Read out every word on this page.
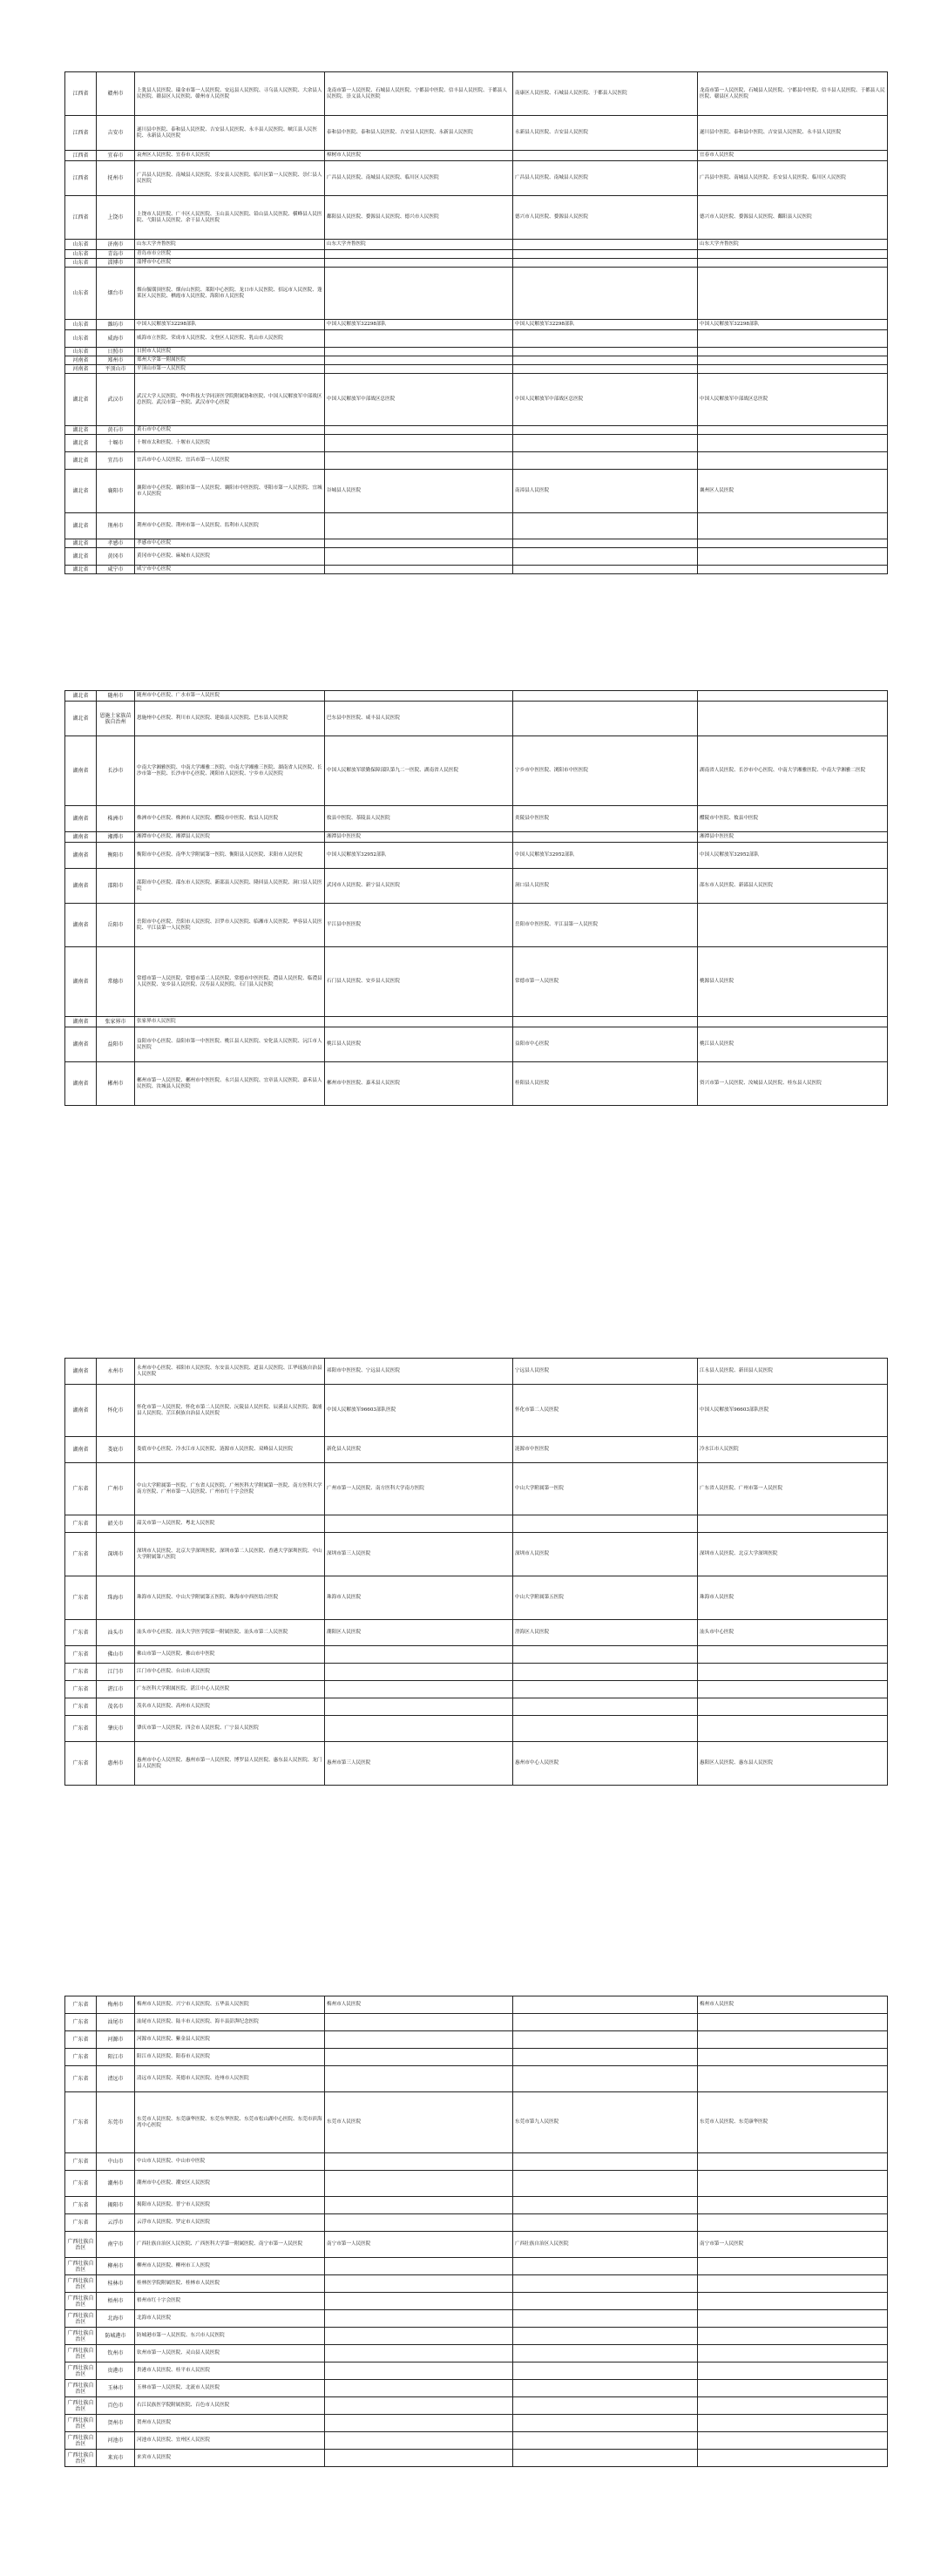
江西省	赣州市	上犹县人民医院、瑞金市第一人民医院、安远县人民医院、寻乌县人民医院、大余县人民医院、赣县区人民医院、赣州市人民医院	龙南市第一人民医院、石城县人民医院、宁都县中医院、信丰县人民医院、于都县人民医院、崇义县人民医院	南康区人民医院、石城县人民医院、于都县人民医院	龙南市第一人民医院、石城县人民医院、宁都县中医院、信丰县人民医院、于都县人民医院、赣县区人民医院
江西省	吉安市	遂川县中医院、泰和县人民医院、吉安县人民医院、永丰县人民医院、峡江县人民医院、永新县人民医院	泰和县中医院、泰和县人民医院、吉安县人民医院、永新县人民医院	永新县人民医院、吉安县人民医院	遂川县中医院、泰和县中医院、吉安县人民医院、永丰县人民医院
江西省	宜春市	袁州区人民医院、宜春市人民医院	樟树市人民医院		宜春市人民医院
江西省	抚州市	广昌县人民医院、南城县人民医院、乐安县人民医院、临川区第一人民医院、崇仁县人民医院	广昌县人民医院、南城县人民医院、临川区人民医院	广昌县人民医院、南城县人民医院	广昌县中医院、南城县人民医院、乐安县人民医院、临川区人民医院
江西省	上饶市	上饶市人民医院、广丰区人民医院、玉山县人民医院、铅山县人民医院、横峰县人民医院、弋阳县人民医院、余干县人民医院	鄱阳县人民医院、婺源县人民医院、德兴市人民医院	德兴市人民医院、婺源县人民医院	德兴市人民医院、婺源县人民医院、鄱阳县人民医院
山东省	济南市	山东大学齐鲁医院	山东大学齐鲁医院		山东大学齐鲁医院
山东省	青岛市	青岛市市立医院			
山东省	淄博市	淄博市中心医院			
山东省	烟台市	烟台毓璜顶医院、烟台山医院、莱阳中心医院、龙口市人民医院、招远市人民医院、蓬莱区人民医院、栖霞市人民医院、海阳市人民医院			
山东省	潍坊市	中国人民解放军32298部队	中国人民解放军32298部队	中国人民解放军32298部队	中国人民解放军32298部队
山东省	威海市	威海市立医院、荣成市人民医院、文登区人民医院、乳山市人民医院			
山东省	日照市	日照市人民医院			
河南省	郑州市	郑州大学第一附属医院			
河南省	平顶山市	平顶山市第一人民医院			
湖北省	武汉市	武汉大学人民医院、华中科技大学同济医学院附属协和医院、中国人民解放军中部战区总医院、武汉市第一医院、武汉市中心医院	中国人民解放军中部战区总医院	中国人民解放军中部战区总医院	中国人民解放军中部战区总医院
湖北省	黄石市	黄石市中心医院			
湖北省	十堰市	十堰市太和医院、十堰市人民医院			
湖北省	宜昌市	宜昌市中心人民医院、宜昌市第一人民医院			
湖北省	襄阳市	襄阳市中心医院、襄阳市第一人民医院、襄阳市中医医院、枣阳市第一人民医院、宜城市人民医院	谷城县人民医院	南漳县人民医院	襄州区人民医院
湖北省	荆州市	荆州市中心医院、荆州市第一人民医院、监利市人民医院			
湖北省	孝感市	孝感市中心医院			
湖北省	黄冈市	黄冈市中心医院、麻城市人民医院			
湖北省	咸宁市	咸宁市中心医院			
湖北省	随州市	随州市中心医院、广水市第一人民医院			
湖北省	恩施土家族苗族自治州	恩施州中心医院、利川市人民医院、建始县人民医院、巴东县人民医院	巴东县中医医院、咸丰县人民医院		
湖南省	长沙市	中南大学湘雅医院、中南大学湘雅二医院、中南大学湘雅三医院、湖南省人民医院、长沙市第一医院、长沙市中心医院、浏阳市人民医院、宁乡市人民医院	中国人民解放军联勤保障部队第九二一医院、湖南省人民医院	宁乡市中医医院、浏阳市中医医院	湖南省人民医院、长沙市中心医院、中南大学湘雅医院、中南大学湘雅二医院
湖南省	株洲市	株洲市中心医院、株洲市人民医院、醴陵市中医院、攸县人民医院	攸县中医院、茶陵县人民医院	炎陵县中医医院	醴陵市中医院、攸县中医院
湖南省	湘潭市	湘潭市中心医院、湘潭县人民医院	湘潭县中医医院		湘潭县中医医院
湖南省	衡阳市	衡阳市中心医院、南华大学附属第一医院、衡阳县人民医院、耒阳市人民医院	中国人民解放军32952部队	中国人民解放军32952部队	中国人民解放军32952部队
湖南省	邵阳市	邵阳市中心医院、邵东市人民医院、新邵县人民医院、隆回县人民医院、洞口县人民医院	武冈市人民医院、新宁县人民医院	洞口县人民医院	邵东市人民医院、新邵县人民医院
湖南省	岳阳市	岳阳市中心医院、岳阳市人民医院、汨罗市人民医院、临湘市人民医院、华容县人民医院、平江县第一人民医院	平江县中医医院	岳阳市中医医院、平江县第一人民医院	
湖南省	常德市	常德市第一人民医院、常德市第二人民医院、常德市中医医院、澧县人民医院、临澧县人民医院、安乡县人民医院、汉寿县人民医院、石门县人民医院	石门县人民医院、安乡县人民医院	常德市第一人民医院	桃源县人民医院
湖南省	张家界市	张家界市人民医院			
湖南省	益阳市	益阳市中心医院、益阳市第一中医医院、桃江县人民医院、安化县人民医院、沅江市人民医院	桃江县人民医院	益阳市中心医院	桃江县人民医院
湖南省	郴州市	郴州市第一人民医院、郴州市中医医院、永兴县人民医院、宜章县人民医院、嘉禾县人民医院、汝城县人民医院	郴州市中医医院、嘉禾县人民医院	桂阳县人民医院	资兴市第一人民医院、汝城县人民医院、桂东县人民医院
湖南省	永州市	永州市中心医院、祁阳市人民医院、东安县人民医院、道县人民医院、江华瑶族自治县人民医院	祁阳市中医医院、宁远县人民医院	宁远县人民医院	江永县人民医院、新田县人民医院
湖南省	怀化市	怀化市第一人民医院、怀化市第二人民医院、沅陵县人民医院、辰溪县人民医院、溆浦县人民医院、芷江侗族自治县人民医院	中国人民解放军96603部队医院	怀化市第二人民医院	中国人民解放军96603部队医院
湖南省	娄底市	娄底市中心医院、冷水江市人民医院、涟源市人民医院、双峰县人民医院	新化县人民医院	涟源市中医医院	冷水江市人民医院
广东省	广州市	中山大学附属第一医院、广东省人民医院、广州医科大学附属第一医院、南方医科大学南方医院、广州市第一人民医院、广州市红十字会医院	广州市第一人民医院、南方医科大学南方医院	中山大学附属第一医院	广东省人民医院、广州市第一人民医院
广东省	韶关市	韶关市第一人民医院、粤北人民医院			
广东省	深圳市	深圳市人民医院、北京大学深圳医院、深圳市第二人民医院、香港大学深圳医院、中山大学附属第八医院	深圳市第三人民医院	深圳市人民医院	深圳市人民医院、北京大学深圳医院
广东省	珠海市	珠海市人民医院、中山大学附属第五医院、珠海市中西医结合医院	珠海市人民医院	中山大学附属第五医院	珠海市人民医院
广东省	汕头市	汕头市中心医院、汕头大学医学院第一附属医院、汕头市第二人民医院	潮阳区人民医院	澄海区人民医院	汕头市中心医院
广东省	佛山市	佛山市第一人民医院、佛山市中医院			
广东省	江门市	江门市中心医院、台山市人民医院			
广东省	湛江市	广东医科大学附属医院、湛江中心人民医院			
广东省	茂名市	茂名市人民医院、高州市人民医院			
广东省	肇庆市	肇庆市第一人民医院、四会市人民医院、广宁县人民医院			
广东省	惠州市	惠州市中心人民医院、惠州市第一人民医院、博罗县人民医院、惠东县人民医院、龙门县人民医院	惠州市第三人民医院	惠州市中心人民医院	惠阳区人民医院、惠东县人民医院
广东省	梅州市	梅州市人民医院、兴宁市人民医院、五华县人民医院	梅州市人民医院		梅州市人民医院
广东省	汕尾市	汕尾市人民医院、陆丰市人民医院、海丰县彭湃纪念医院			
广东省	河源市	河源市人民医院、紫金县人民医院			
广东省	阳江市	阳江市人民医院、阳春市人民医院			
广东省	清远市	清远市人民医院、英德市人民医院、连州市人民医院			
广东省	东莞市	东莞市人民医院、东莞康华医院、东莞东华医院、东莞市松山湖中心医院、东莞市滨海湾中心医院	东莞市人民医院	东莞市第九人民医院	东莞市人民医院、东莞康华医院
广东省	中山市	中山市人民医院、中山市中医院			
广东省	潮州市	潮州市中心医院、潮安区人民医院			
广东省	揭阳市	揭阳市人民医院、普宁市人民医院			
广东省	云浮市	云浮市人民医院、罗定市人民医院			
广西壮族自治区	南宁市	广西壮族自治区人民医院、广西医科大学第一附属医院、南宁市第一人民医院	南宁市第一人民医院	广西壮族自治区人民医院	南宁市第一人民医院
广西壮族自治区	柳州市	柳州市人民医院、柳州市工人医院			
广西壮族自治区	桂林市	桂林医学院附属医院、桂林市人民医院			
广西壮族自治区	梧州市	梧州市红十字会医院			
广西壮族自治区	北海市	北海市人民医院			
广西壮族自治区	防城港市	防城港市第一人民医院、东兴市人民医院			
广西壮族自治区	钦州市	钦州市第一人民医院、灵山县人民医院			
广西壮族自治区	贵港市	贵港市人民医院、桂平市人民医院			
广西壮族自治区	玉林市	玉林市第一人民医院、北流市人民医院			
广西壮族自治区	百色市	右江民族医学院附属医院、百色市人民医院			
广西壮族自治区	贺州市	贺州市人民医院			
广西壮族自治区	河池市	河池市人民医院、宜州区人民医院			
广西壮族自治区	来宾市	来宾市人民医院			
